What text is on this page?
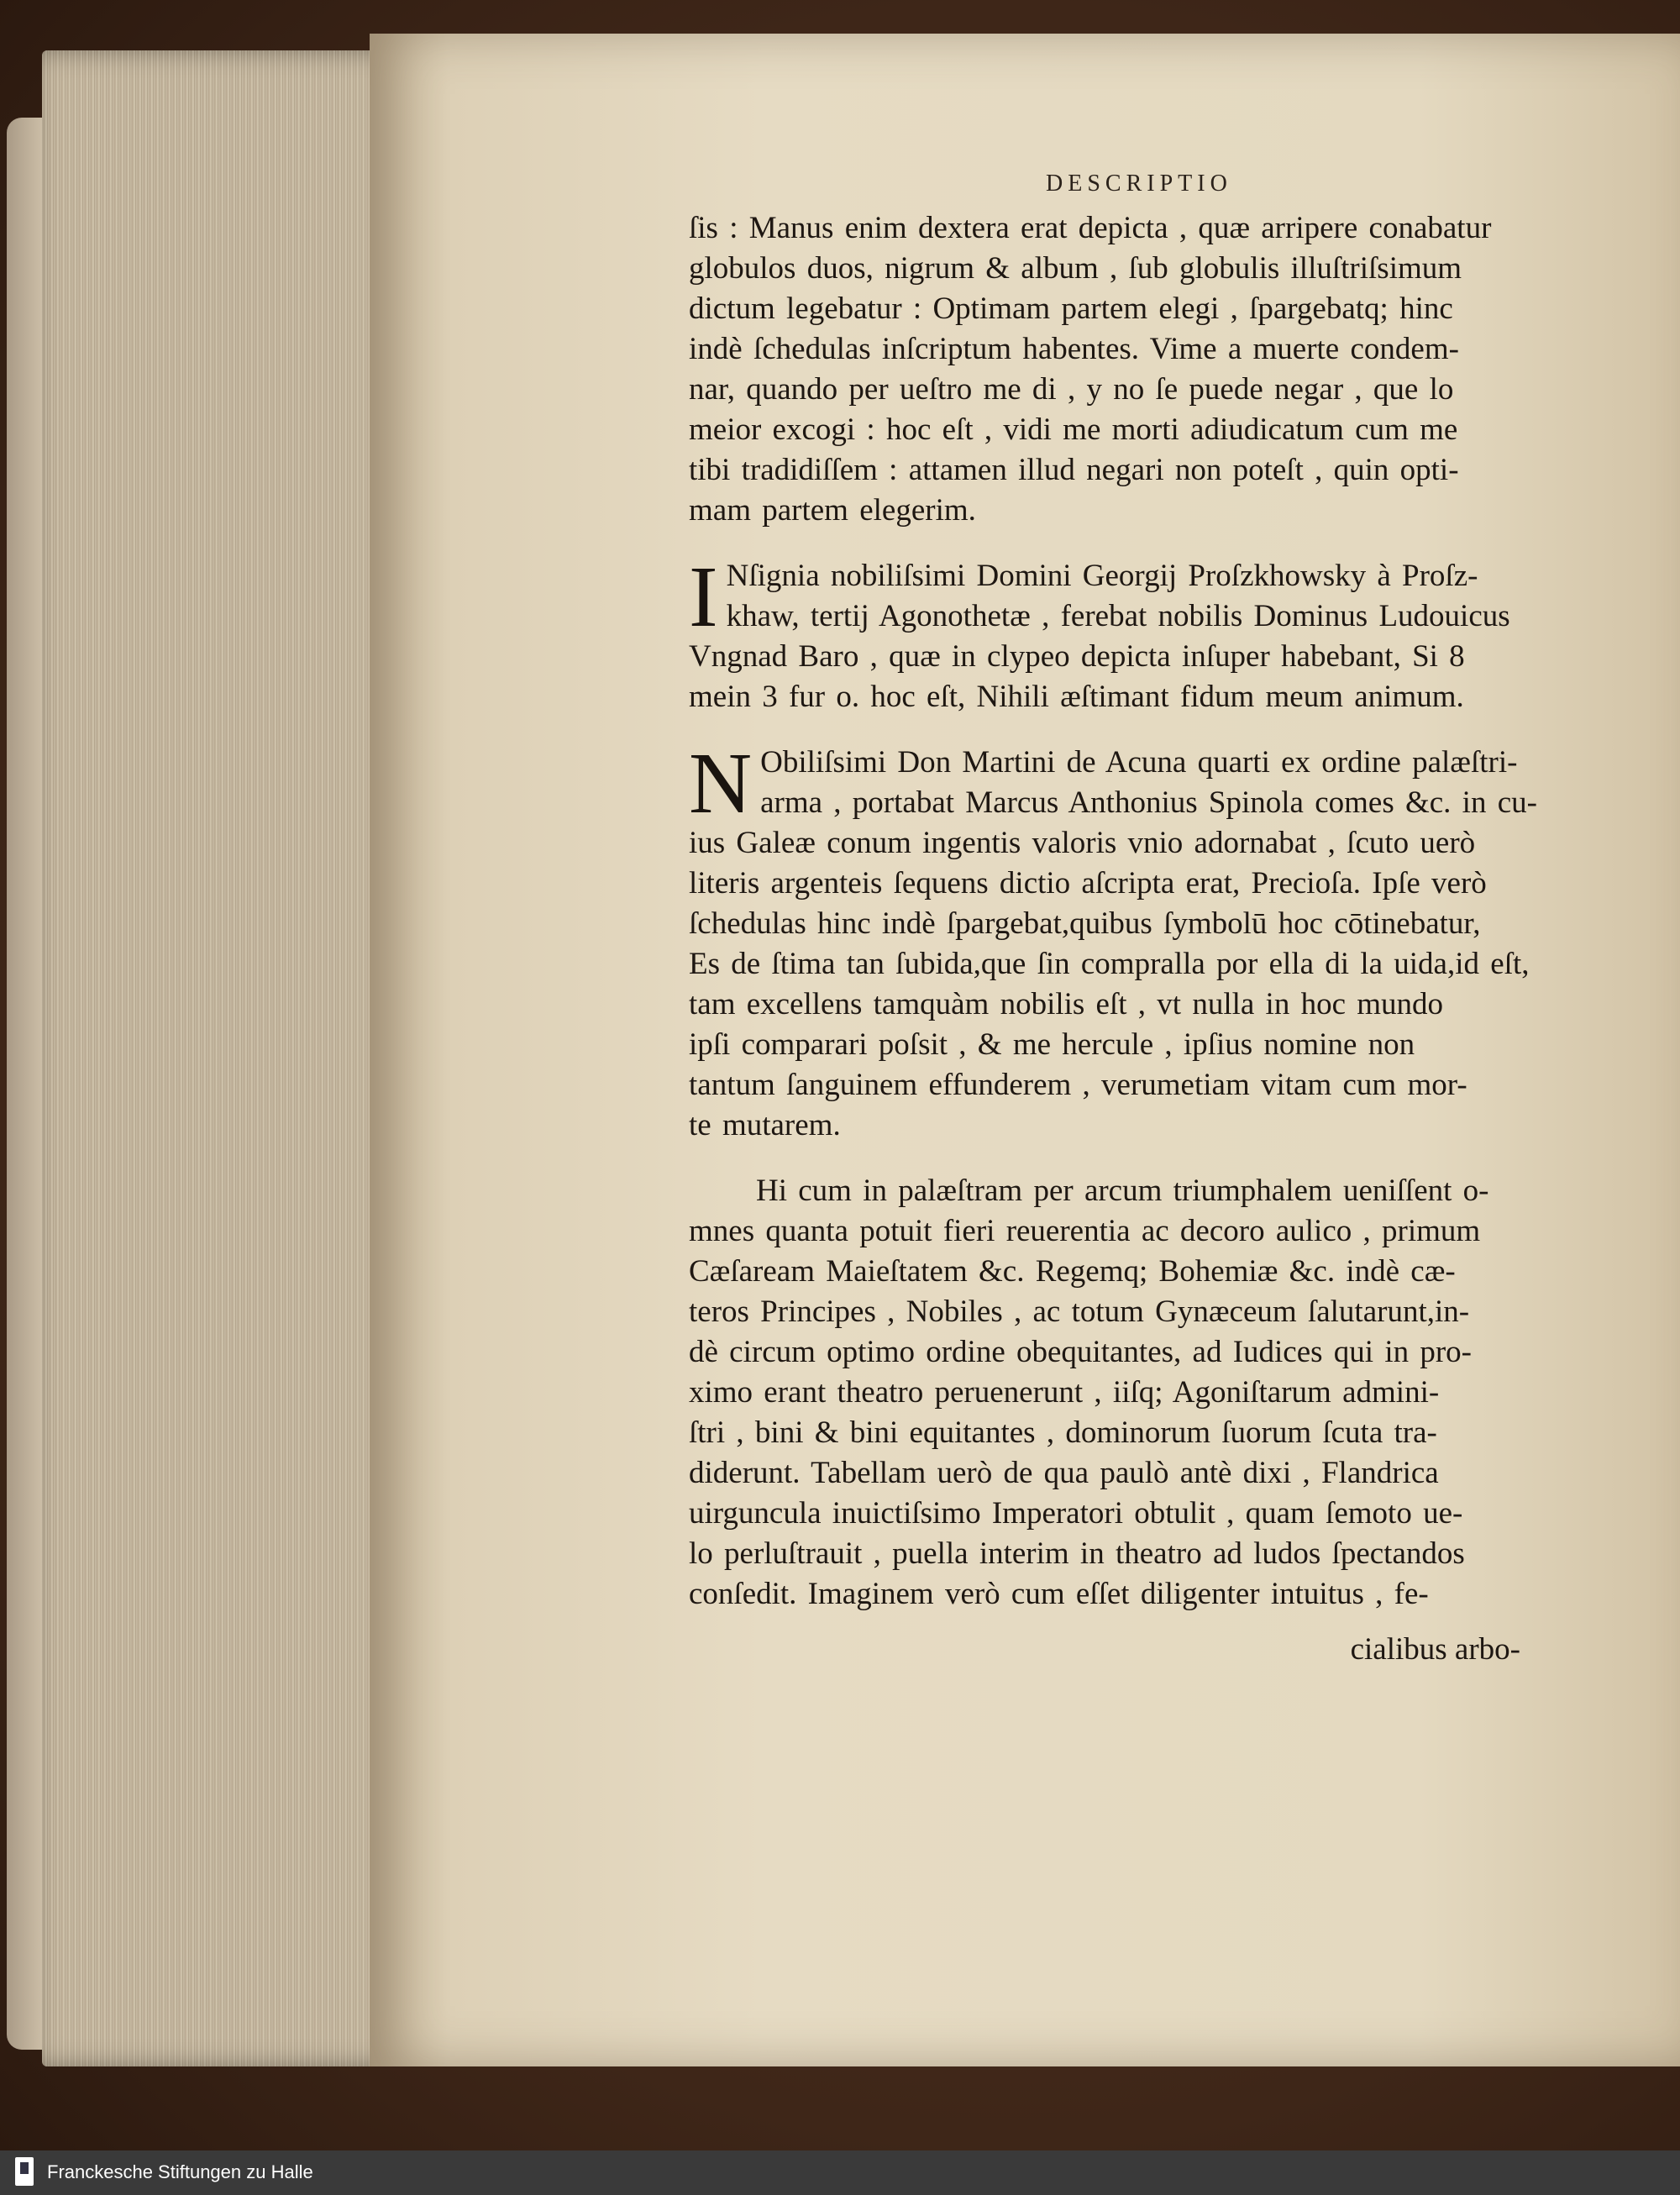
DESCRIPTIO

ſis : Manus enim dextera erat depicta , quæ arripere conabatur
globulos duos, nigrum & album , ſub globulis illuſtriſsimum
dictum legebatur : Optimam partem elegi , ſpargebatq; hinc
indè ſchedulas inſcriptum habentes. Vime a muerte condem-
nar, quando per ueſtro me di , y no ſe puede negar , que lo
meior excogi : hoc eſt , vidi me morti adiudicatum cum me
tibi tradidiſſem : attamen illud negari non poteſt , quin opti-
mam partem elegerim.

I Nſignia nobiliſsimi Domini Georgij Proſzkhowsky à Proſz-
khaw, tertij Agonothetæ , ferebat nobilis Dominus Ludouicus
Vngnad Baro , quæ in clypeo depicta inſuper habebant, Si 8
mein 3 fur o. hoc eſt, Nihili æſtimant fidum meum animum.

N Obiliſsimi Don Martini de Acuna quarti ex ordine palæſtri-
arma , portabat Marcus Anthonius Spinola comes &c. in cu-
ius Galeæ conum ingentis valoris vnio adornabat , ſcuto uerò
literis argenteis ſequens dictio aſcripta erat, Precioſa. Ipſe verò
ſchedulas hinc indè ſpargebat,quibus ſymbolū hoc cōtinebatur,
Es de ſtima tan ſubida,que ſin compralla por ella di la uida,id eſt,
tam excellens tamquàm nobilis eſt , vt nulla in hoc mundo
ipſi comparari poſsit , & me hercule , ipſius nomine non
tantum ſanguinem effunderem , verumetiam vitam cum mor-
te mutarem.

Hi cum in palæſtram per arcum triumphalem ueniſſent o-
mnes quanta potuit fieri reuerentia ac decoro aulico , primum
Cæſaream Maieſtatem &c. Regemq; Bohemiæ &c. indè cæ-
teros Principes , Nobiles , ac totum Gynæceum ſalutarunt,in-
dè circum optimo ordine obequitantes, ad Iudices qui in pro-
ximo erant theatro peruenerunt , iiſq; Agoniſtarum admini-
ſtri , bini & bini equitantes , dominorum ſuorum ſcuta tra-
diderunt. Tabellam uerò de qua paulò antè dixi , Flandrica
uirguncula inuictiſsimo Imperatori obtulit , quam ſemoto ue-
lo perluſtrauit , puella interim in theatro ad ludos ſpectandos
conſedit. Imaginem verò cum eſſet diligenter intuitus , fe-

cialibus arbo-
Franckesche Stiftungen zu Halle
